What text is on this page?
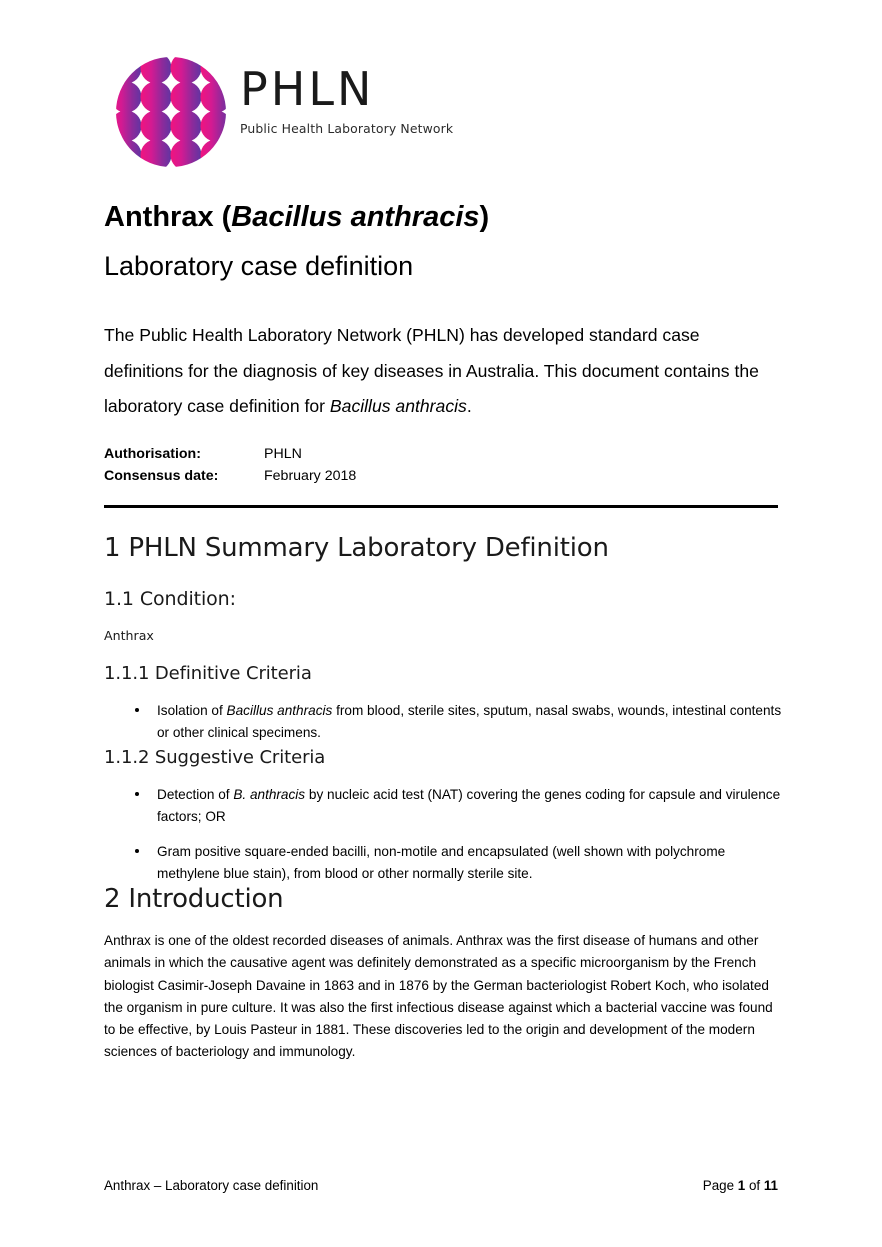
PHLN
Public Health Laboratory Network
Anthrax (Bacillus anthracis)
Laboratory case definition

The Public Health Laboratory Network (PHLN) has developed standard case definitions for the diagnosis of key diseases in Australia. This document contains the laboratory case definition for Bacillus anthracis.

Authorisation:	PHLN
Consensus date:	February 2018
1 PHLN Summary Laboratory Definition
1.1 Condition:

Anthrax

1.1.1 Definitive Criteria
Isolation of Bacillus anthracis from blood, sterile sites, sputum, nasal swabs, wounds, intestinal contents or other clinical specimens.
1.1.2 Suggestive Criteria
Detection of B. anthracis by nucleic acid test (NAT) covering the genes coding for capsule and virulence factors; OR
Gram positive square-ended bacilli, non-motile and encapsulated (well shown with polychrome methylene blue stain), from blood or other normally sterile site.
2 Introduction

Anthrax is one of the oldest recorded diseases of animals. Anthrax was the first disease of humans and other animals in which the causative agent was definitely demonstrated as a specific microorganism by the French biologist Casimir-Joseph Davaine in 1863 and in 1876 by the German bacteriologist Robert Koch, who isolated the organism in pure culture. It was also the first infectious disease against which a bacterial vaccine was found to be effective, by Louis Pasteur in 1881. These discoveries led to the origin and development of the modern sciences of bacteriology and immunology.

Anthrax – Laboratory case definition	Page 1 of 11
